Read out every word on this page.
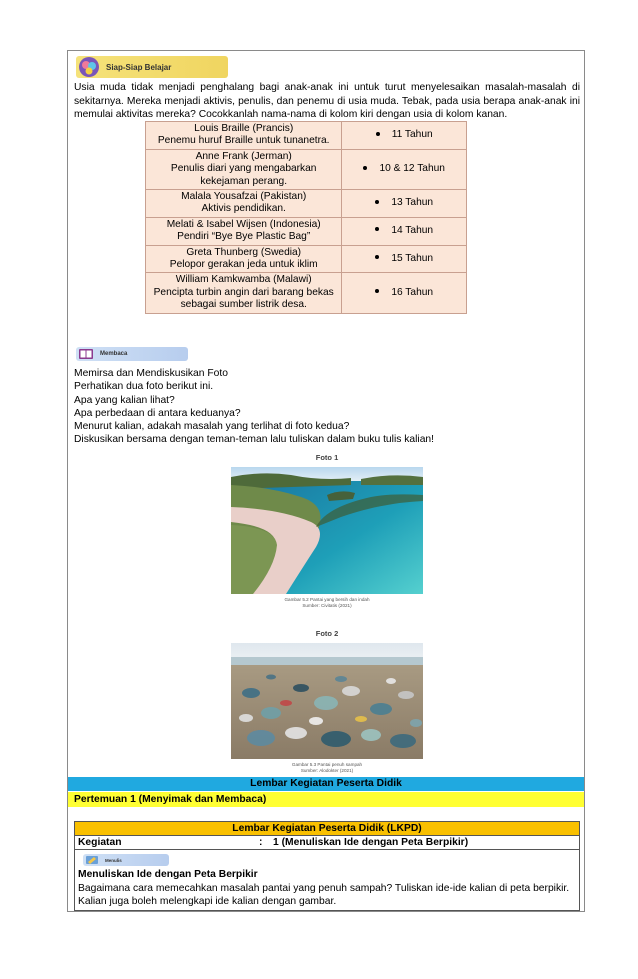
Siap-Siap Belajar

Usia muda tidak menjadi penghalang bagi anak-anak ini untuk turut menyelesaikan masalah-masalah di sekitarnya. Mereka menjadi aktivis, penulis, dan penemu di usia muda. Tebak, pada usia berapa anak-anak ini memulai aktivitas mereka? Cocokkanlah nama-nama di kolom kiri dengan usia di kolom kanan.

Louis Braille (Prancis)
Penemu huruf Braille untuk tunanetra.	11 Tahun

Anne Frank (Jerman)
Penulis diari yang mengabarkan kekejaman perang.	10 & 12 Tahun

Malala Yousafzai (Pakistan)
Aktivis pendidikan.	13 Tahun

Melati & Isabel Wijsen (Indonesia)
Pendiri “Bye Bye Plastic Bag”	14 Tahun

Greta Thunberg (Swedia)
Pelopor gerakan jeda untuk iklim	15 Tahun

William Kamkwamba (Malawi)
Pencipta turbin angin dari barang bekas sebagai sumber listrik desa.	16 Tahun
Membaca
Memirsa dan Mendiskusikan Foto
Perhatikan dua foto berikut ini.
Apa yang kalian lihat?
Apa perbedaan di antara keduanya?
Menurut kalian, adakah masalah yang terlihat di foto kedua?
Diskusikan bersama dengan teman-teman lalu tuliskan dalam buku tulis kalian!
Foto 1
Gambar 5.2 Pantai yang bersih dan indah
Sumber: Civitatis (2021)
Foto 2
Gambar 5.3 Pantai penuh sampah
Sumber: Alodokter (2021)
Lembar Kegiatan Peserta Didik
Pertemuan 1 (Menyimak dan Membaca)
Lembar Kegiatan Peserta Didik (LKPD)
Kegiatan	:	1 (Menuliskan Ide dengan Peta Berpikir)
Menulis
Menuliskan Ide dengan Peta Berpikir
Bagaimana cara memecahkan masalah pantai yang penuh sampah? Tuliskan ide-ide kalian di peta berpikir. Kalian juga boleh melengkapi ide kalian dengan gambar.
